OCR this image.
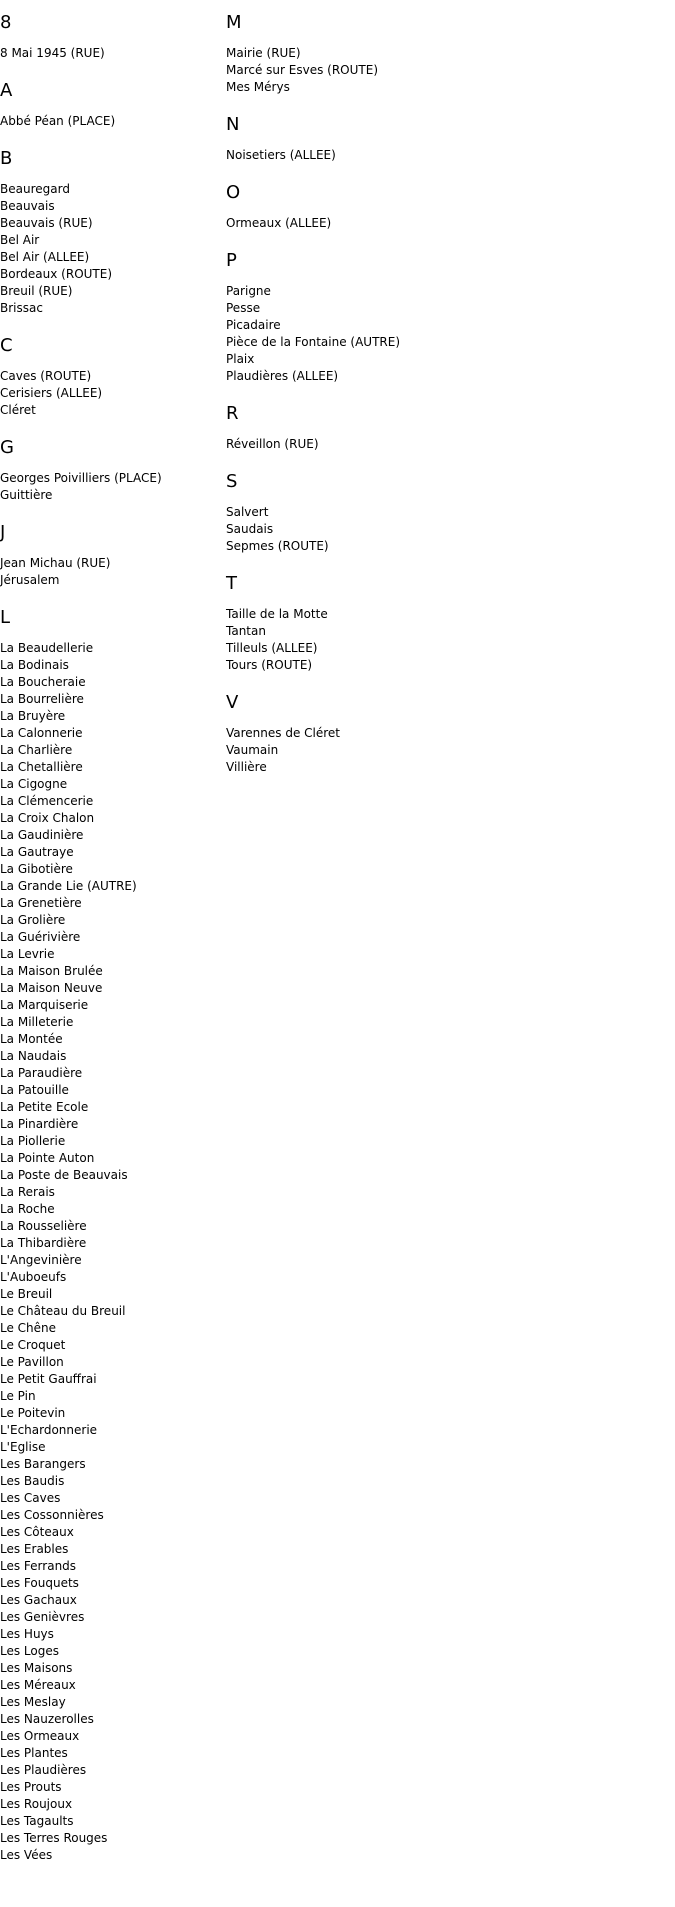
8
8 Mai 1945 (RUE)
A
Abbé Péan (PLACE)
B
Beauregard
Beauvais
Beauvais (RUE)
Bel Air
Bel Air (ALLEE)
Bordeaux (ROUTE)
Breuil (RUE)
Brissac
C
Caves (ROUTE)
Cerisiers (ALLEE)
Cléret
G
Georges Poivilliers (PLACE)
Guittière
J
Jean Michau (RUE)
Jérusalem
L
La Beaudellerie
La Bodinais
La Boucheraie
La Bourrelière
La Bruyère
La Calonnerie
La Charlière
La Chetallière
La Cigogne
La Clémencerie
La Croix Chalon
La Gaudinière
La Gautraye
La Gibotière
La Grande Lie (AUTRE)
La Grenetière
La Grolière
La Guérivière
La Levrie
La Maison Brulée
La Maison Neuve
La Marquiserie
La Milleterie
La Montée
La Naudais
La Paraudière
La Patouille
La Petite Ecole
La Pinardière
La Piollerie
La Pointe Auton
La Poste de Beauvais
La Rerais
La Roche
La Rousselière
La Thibardière
L'Angevinière
L'Auboeufs
Le Breuil
Le Château du Breuil
Le Chêne
Le Croquet
Le Pavillon
Le Petit Gauffrai
Le Pin
Le Poitevin
L'Echardonnerie
L'Eglise
Les Barangers
Les Baudis
Les Caves
Les Cossonnières
Les Côteaux
Les Erables
Les Ferrands
Les Fouquets
Les Gachaux
Les Genièvres
Les Huys
Les Loges
Les Maisons
Les Méreaux
Les Meslay
Les Nauzerolles
Les Ormeaux
Les Plantes
Les Plaudières
Les Prouts
Les Roujoux
Les Tagaults
Les Terres Rouges
Les Vées
M
Mairie (RUE)
Marcé sur Esves (ROUTE)
Mes Mérys
N
Noisetiers (ALLEE)
O
Ormeaux (ALLEE)
P
Parigne
Pesse
Picadaire
Pièce de la Fontaine (AUTRE)
Plaix
Plaudières (ALLEE)
R
Réveillon (RUE)
S
Salvert
Saudais
Sepmes (ROUTE)
T
Taille de la Motte
Tantan
Tilleuls (ALLEE)
Tours (ROUTE)
V
Varennes de Cléret
Vaumain
Villière
